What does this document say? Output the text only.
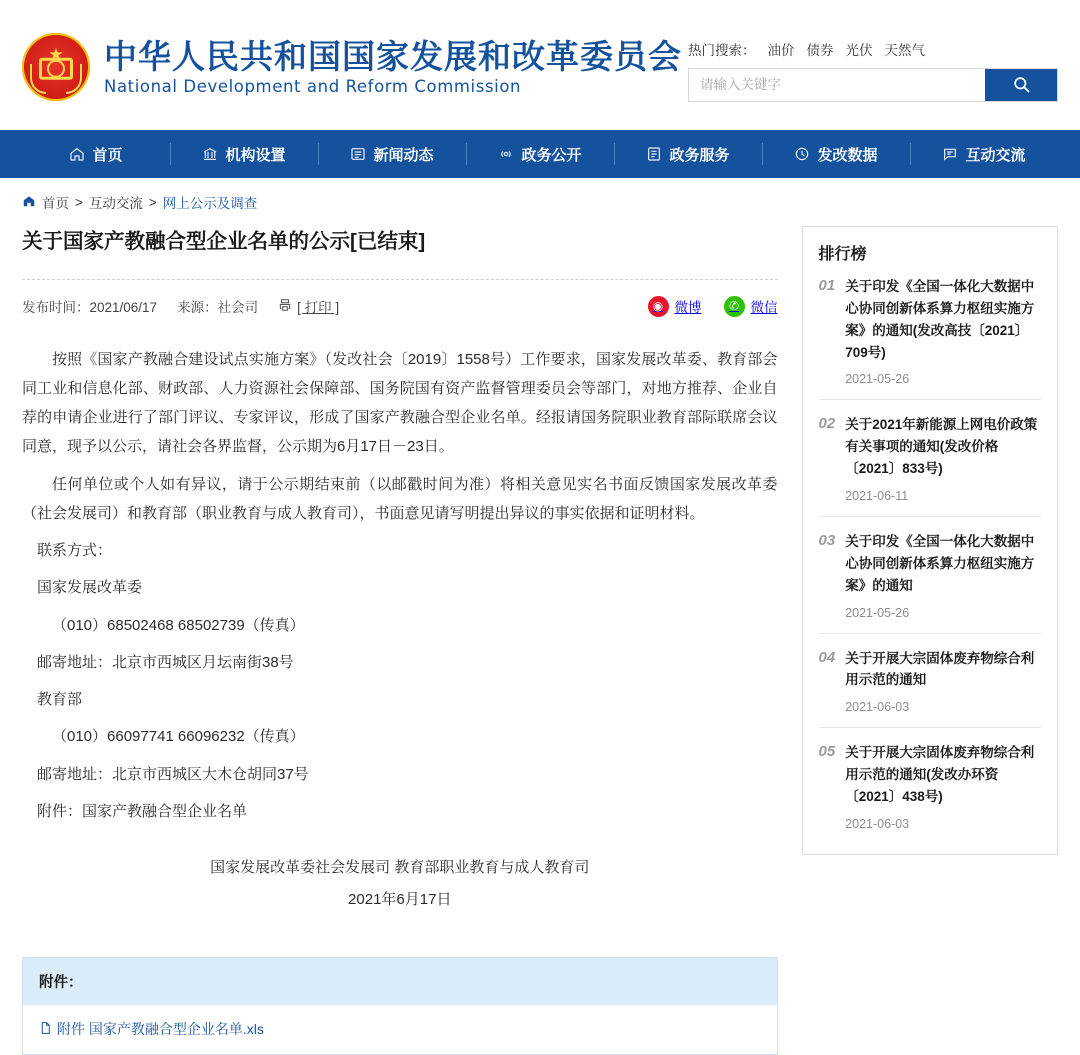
★ 中华人民共和国国家发展和改革委员会
National Development and Reform Commission
热门搜索： 油价 债券 光伏 天然气
请输入关键字
首页	机构设置	新闻动态	政务公开	政务服务	发改数据	互动交流
首页 > 互动交流 > 网上公示及调查
关于国家产教融合型企业名单的公示[已结束]
发布时间：2021/06/17 来源：社会司	[ 打印 ]	◉ 微博	✆ 微信

按照《国家产教融合建设试点实施方案》（发改社会〔2019〕1558号）工作要求，国家发展改革委、教育部会同工业和信息化部、财政部、人力资源社会保障部、国务院国有资产监督管理委员会等部门，对地方推荐、企业自荐的申请企业进行了部门评议、专家评议，形成了国家产教融合型企业名单。经报请国务院职业教育部际联席会议同意，现予以公示，请社会各界监督，公示期为6月17日－23日。

任何单位或个人如有异议，请于公示期结束前（以邮戳时间为准）将相关意见实名书面反馈国家发展改革委（社会发展司）和教育部（职业教育与成人教育司），书面意见请写明提出异议的事实依据和证明材料。

联系方式：

国家发展改革委

（010）68502468 68502739（传真）

邮寄地址：北京市西城区月坛南街38号

教育部

（010）66097741 66096232（传真）

邮寄地址：北京市西城区大木仓胡同37号

附件：国家产教融合型企业名单

国家发展改革委社会发展司 教育部职业教育与成人教育司
2021年6月17日
附件：
附件 国家产教融合型企业名单.xls
排行榜
01 关于印发《全国一体化大数据中心协同创新体系算力枢纽实施方案》的通知(发改高技〔2021〕709号)
2021-05-26
02 关于2021年新能源上网电价政策有关事项的通知(发改价格〔2021〕833号)
2021-06-11
03 关于印发《全国一体化大数据中心协同创新体系算力枢纽实施方案》的通知
2021-05-26
04 关于开展大宗固体废弃物综合利用示范的通知
2021-06-03
05 关于开展大宗固体废弃物综合利用示范的通知(发改办环资〔2021〕438号)
2021-06-03
